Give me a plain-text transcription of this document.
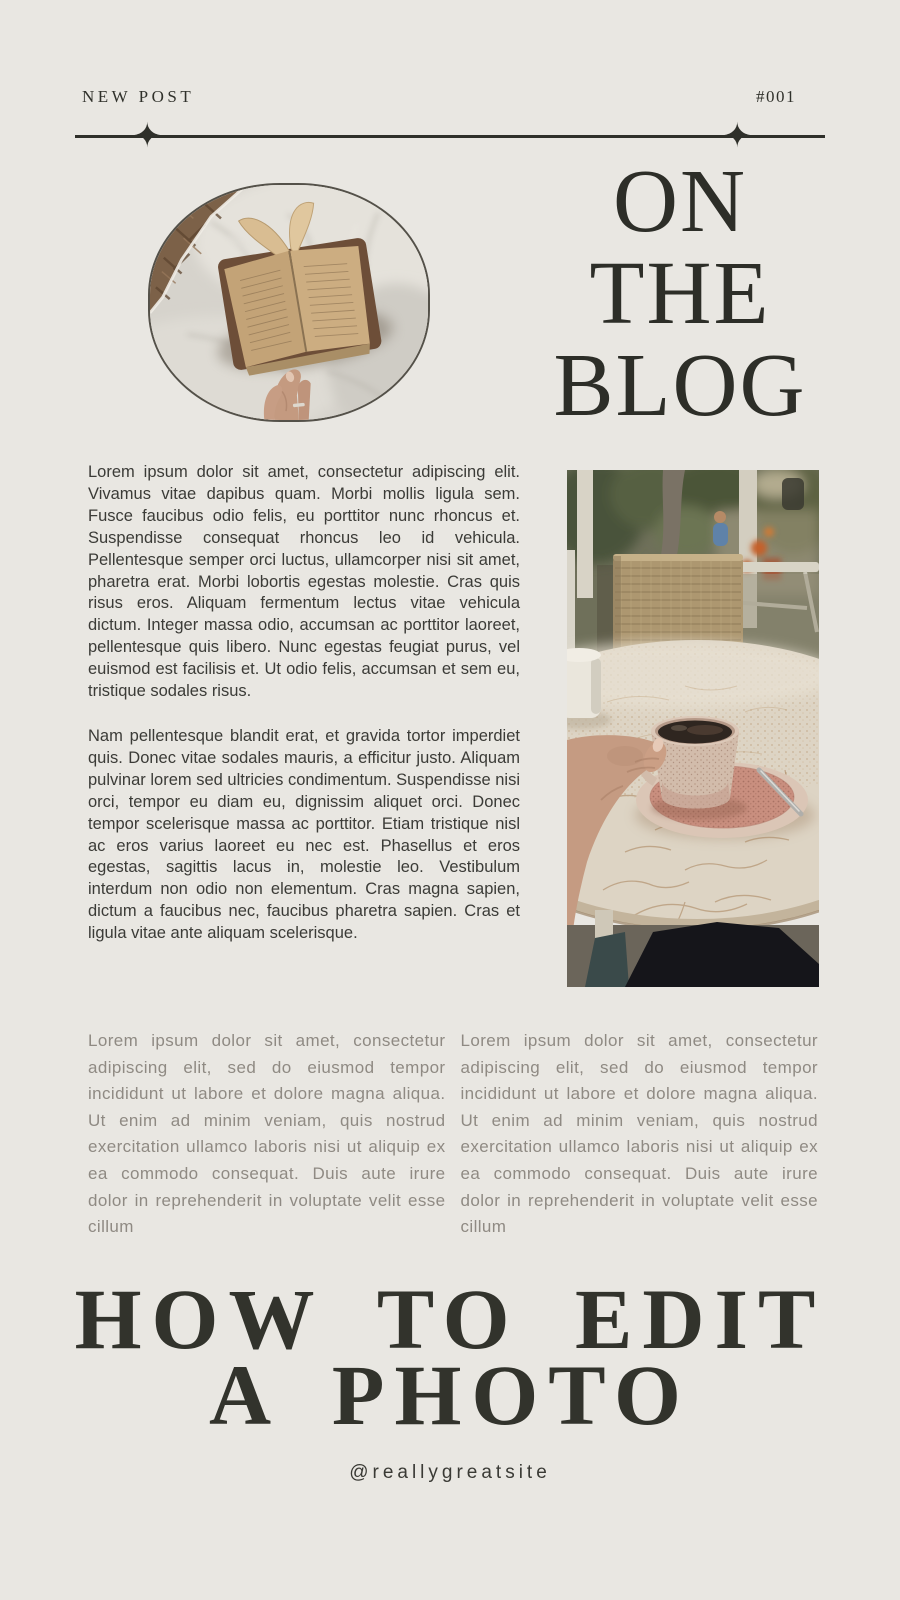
NEW POST	#001
✦	✦
ON
THE
BLOG

Lorem ipsum dolor sit amet, consectetur adipiscing elit. Vivamus vitae dapibus quam. Morbi mollis ligula sem. Fusce faucibus odio felis, eu porttitor nunc rhoncus et. Suspendisse consequat rhoncus leo id vehicula. Pellentesque semper orci luctus, ullamcorper nisi sit amet, pharetra erat. Morbi lobortis egestas molestie. Cras quis risus eros. Aliquam fermentum lectus vitae vehicula dictum. Integer massa odio, accumsan ac porttitor laoreet, pellentesque quis libero. Nunc egestas feugiat purus, vel euismod est facilisis et. Ut odio felis, accumsan et sem eu, tristique sodales risus.

Nam pellentesque blandit erat, et gravida tortor imperdiet quis. Donec vitae sodales mauris, a efficitur justo. Aliquam pulvinar lorem sed ultricies condimentum. Suspendisse nisi orci, tempor eu diam eu, dignissim aliquet orci. Donec tempor scelerisque massa ac porttitor. Etiam tristique nisl ac eros varius laoreet eu nec est. Phasellus et eros egestas, sagittis lacus in, molestie leo. Vestibulum interdum non odio non elementum. Cras magna sapien, dictum a faucibus nec, faucibus pharetra sapien. Cras et ligula vitae ante aliquam scelerisque.

Lorem ipsum dolor sit amet, consectetur adipiscing elit, sed do eiusmod tempor incididunt ut labore et dolore magna aliqua. Ut enim ad minim veniam, quis nostrud exercitation ullamco laboris nisi ut aliquip ex ea commodo consequat. Duis aute irure dolor in reprehenderit in voluptate velit esse cillum
Lorem ipsum dolor sit amet, consectetur adipiscing elit, sed do eiusmod tempor incididunt ut labore et dolore magna aliqua. Ut enim ad minim veniam, quis nostrud exercitation ullamco laboris nisi ut aliquip ex ea commodo consequat. Duis aute irure dolor in reprehenderit in voluptate velit esse cillum
HOW TO EDIT
A PHOTO
@reallygreatsite
